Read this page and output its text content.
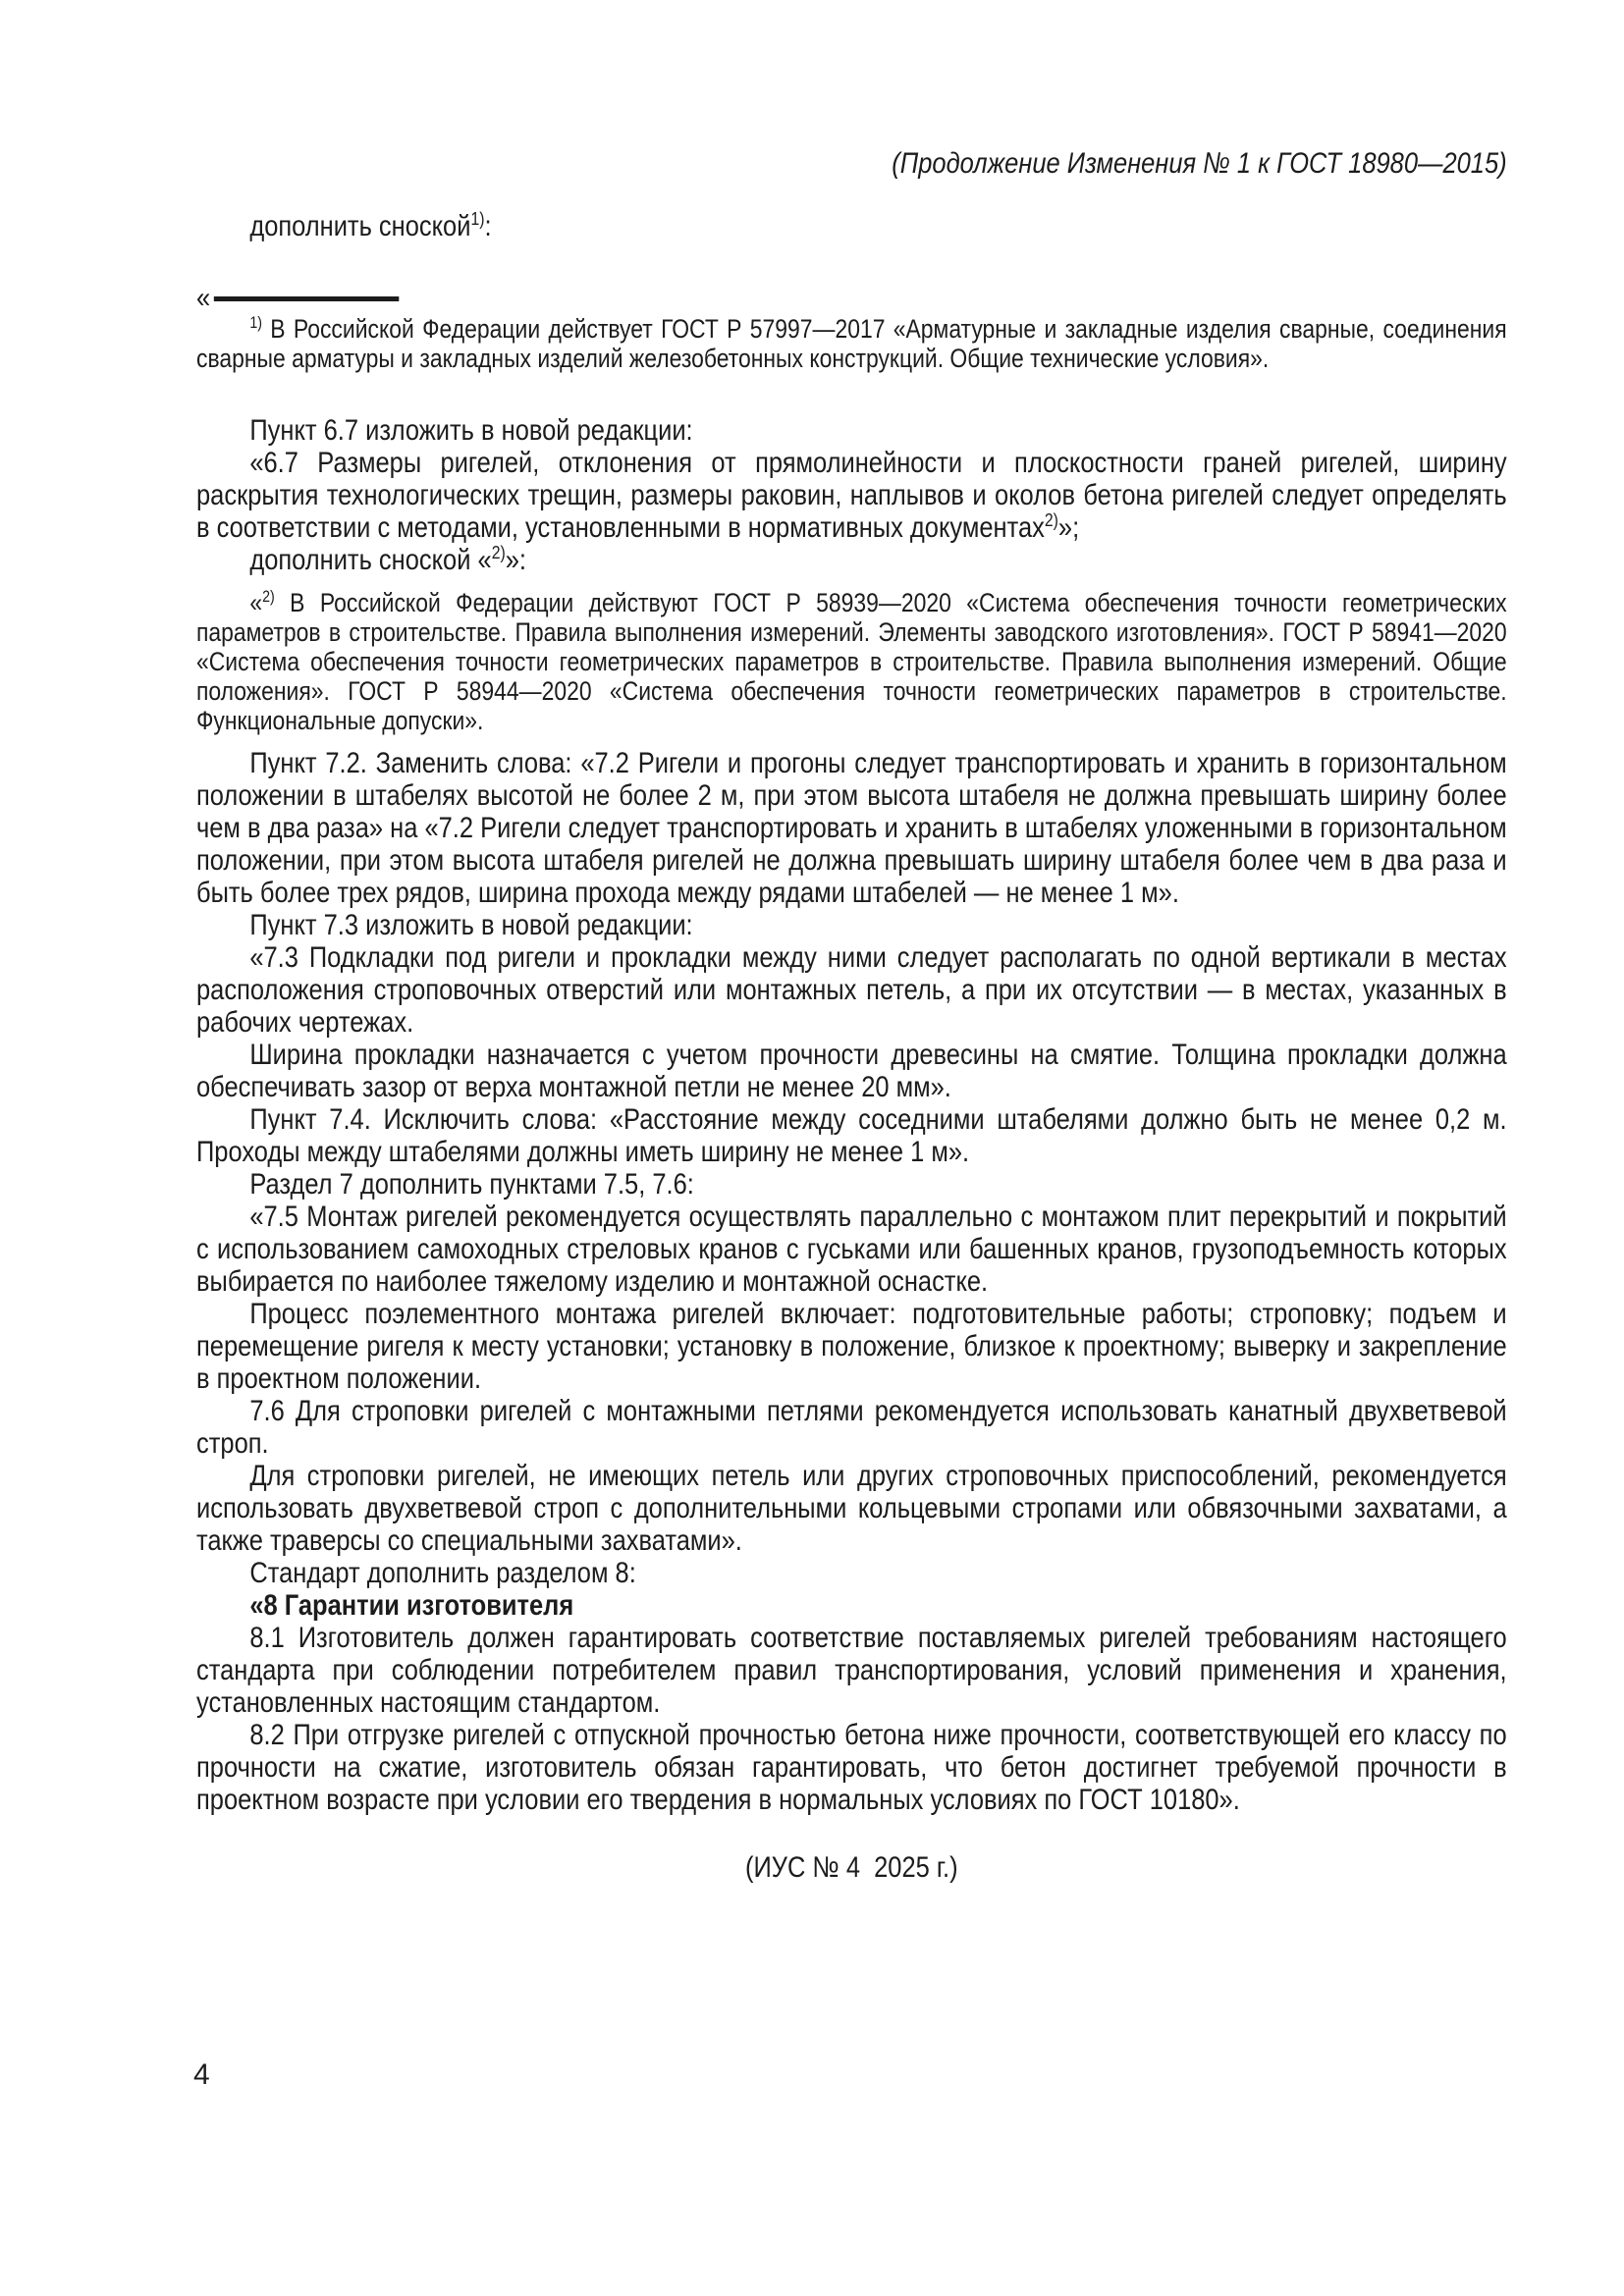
(Продолжение Изменения № 1 к ГОСТ 18980—2015)

дополнить сноской$^{1)}$:

«

$^{1)}$ В Российской Федерации действует ГОСТ Р 57997—2017 «Арматурные и закладные изделия сварные, соединения сварные арматуры и закладных изделий железобетонных конструкций. Общие технические условия».

Пункт 6.7 изложить в новой редакции:

«6.7 Размеры ригелей, отклонения от прямолинейности и плоскостности граней ригелей, ширину раскрытия технологических трещин, размеры раковин, наплывов и околов бетона ригелей следует определять в соответствии с методами, установленными в нормативных документах$^{2)}$»;

дополнить сноской «$^{2)}$»:

«$^{2)}$ В Российской Федерации действуют ГОСТ Р 58939—2020 «Система обеспечения точности геометрических параметров в строительстве. Правила выполнения измерений. Элементы заводского изготовления». ГОСТ Р 58941—2020 «Система обеспечения точности геометрических параметров в строительстве. Правила выполнения измерений. Общие положения». ГОСТ Р 58944—2020 «Система обеспечения точности геометрических параметров в строительстве. Функциональные допуски».

Пункт 7.2. Заменить слова: «7.2 Ригели и прогоны следует транспортировать и хранить в горизонтальном положении в штабелях высотой не более 2 м, при этом высота штабеля не должна превышать ширину более чем в два раза» на «7.2 Ригели следует транспортировать и хранить в штабелях уложенными в горизонтальном положении, при этом высота штабеля ригелей не должна превышать ширину штабеля более чем в два раза и быть более трех рядов, ширина прохода между рядами штабелей — не менее 1 м».

Пункт 7.3 изложить в новой редакции:

«7.3 Подкладки под ригели и прокладки между ними следует располагать по одной вертикали в местах расположения строповочных отверстий или монтажных петель, а при их отсутствии — в местах, указанных в рабочих чертежах.

Ширина прокладки назначается с учетом прочности древесины на смятие. Толщина прокладки должна обеспечивать зазор от верха монтажной петли не менее 20 мм».

Пункт 7.4. Исключить слова: «Расстояние между соседними штабелями должно быть не менее 0,2 м. Проходы между штабелями должны иметь ширину не менее 1 м».

Раздел 7 дополнить пунктами 7.5, 7.6:

«7.5 Монтаж ригелей рекомендуется осуществлять параллельно с монтажом плит перекрытий и покрытий с использованием самоходных стреловых кранов с гуськами или башенных кранов, грузоподъемность которых выбирается по наиболее тяжелому изделию и монтажной оснастке.

Процесс поэлементного монтажа ригелей включает: подготовительные работы; строповку; подъем и перемещение ригеля к месту установки; установку в положение, близкое к проектному; выверку и закрепление в проектном положении.

7.6 Для строповки ригелей с монтажными петлями рекомендуется использовать канатный двухветвевой строп.

Для строповки ригелей, не имеющих петель или других строповочных приспособлений, рекомендуется использовать двухветвевой строп с дополнительными кольцевыми стропами или обвязочными захватами, а также траверсы со специальными захватами».

Стандарт дополнить разделом 8:

«8 Гарантии изготовителя

8.1 Изготовитель должен гарантировать соответствие поставляемых ригелей требованиям настоящего стандарта при соблюдении потребителем правил транспортирования, условий применения и хранения, установленных настоящим стандартом.

8.2 При отгрузке ригелей с отпускной прочностью бетона ниже прочности, соответствующей его классу по прочности на сжатие, изготовитель обязан гарантировать, что бетон достигнет требуемой прочности в проектном возрасте при условии его твердения в нормальных условиях по ГОСТ 10180».

(ИУС № 4  2025 г.)

4
